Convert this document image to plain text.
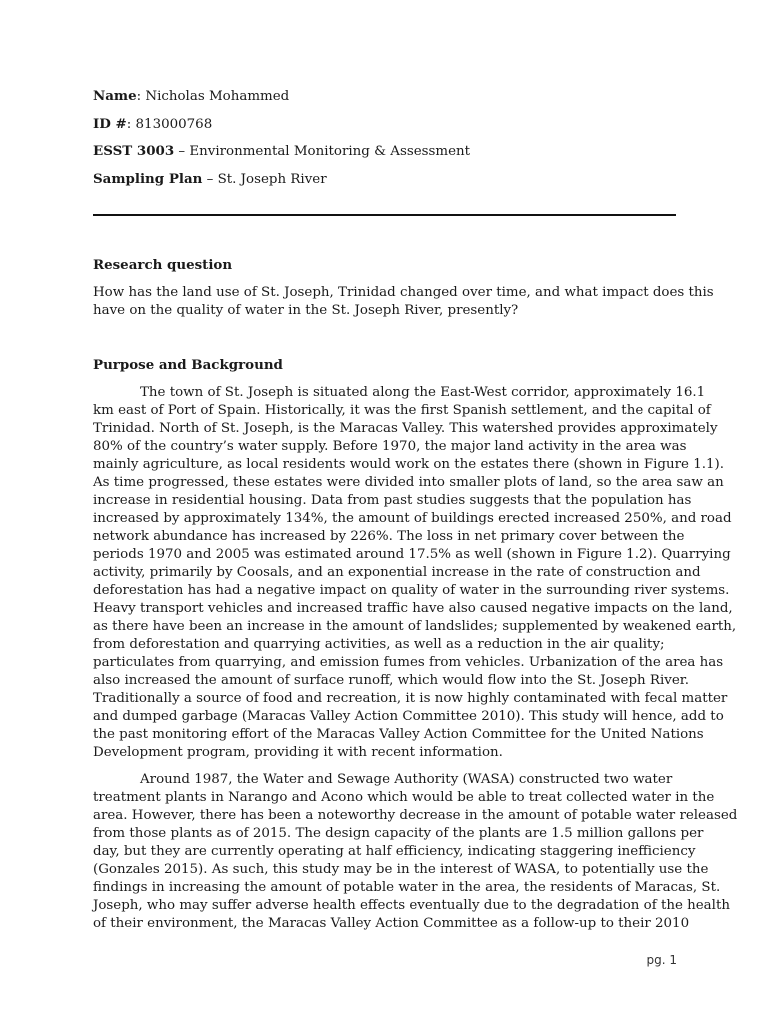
Name: Nicholas Mohammed
ID #: 813000768
ESST 3003 – Environmental Monitoring & Assessment
Sampling Plan – St. Joseph River
Research question
How has the land use of St. Joseph, Trinidad changed over time, and what impact does this
have on the quality of water in the St. Joseph River, presently?
Purpose and Background
The town of St. Joseph is situated along the East-West corridor, approximately 16.1
km east of Port of Spain. Historically, it was the first Spanish settlement, and the capital of
Trinidad. North of St. Joseph, is the Maracas Valley. This watershed provides approximately
80% of the country’s water supply. Before 1970, the major land activity in the area was
mainly agriculture, as local residents would work on the estates there (shown in Figure 1.1).
As time progressed, these estates were divided into smaller plots of land, so the area saw an
increase in residential housing. Data from past studies suggests that the population has
increased by approximately 134%, the amount of buildings erected increased 250%, and road
network abundance has increased by 226%. The loss in net primary cover between the
periods 1970 and 2005 was estimated around 17.5% as well (shown in Figure 1.2). Quarrying
activity, primarily by Coosals, and an exponential increase in the rate of construction and
deforestation has had a negative impact on quality of water in the surrounding river systems.
Heavy transport vehicles and increased traffic have also caused negative impacts on the land,
as there have been an increase in the amount of landslides; supplemented by weakened earth,
from deforestation and quarrying activities, as well as a reduction in the air quality;
particulates from quarrying, and emission fumes from vehicles. Urbanization of the area has
also increased the amount of surface runoff, which would flow into the St. Joseph River.
Traditionally a source of food and recreation, it is now highly contaminated with fecal matter
and dumped garbage (Maracas Valley Action Committee 2010). This study will hence, add to
the past monitoring effort of the Maracas Valley Action Committee for the United Nations
Development program, providing it with recent information.
Around 1987, the Water and Sewage Authority (WASA) constructed two water
treatment plants in Narango and Acono which would be able to treat collected water in the
area. However, there has been a noteworthy decrease in the amount of potable water released
from those plants as of 2015. The design capacity of the plants are 1.5 million gallons per
day, but they are currently operating at half efficiency, indicating staggering inefficiency
(Gonzales 2015). As such, this study may be in the interest of WASA, to potentially use the
findings in increasing the amount of potable water in the area, the residents of Maracas, St.
Joseph, who may suffer adverse health effects eventually due to the degradation of the health
of their environment, the Maracas Valley Action Committee as a follow-up to their 2010
pg. 1
